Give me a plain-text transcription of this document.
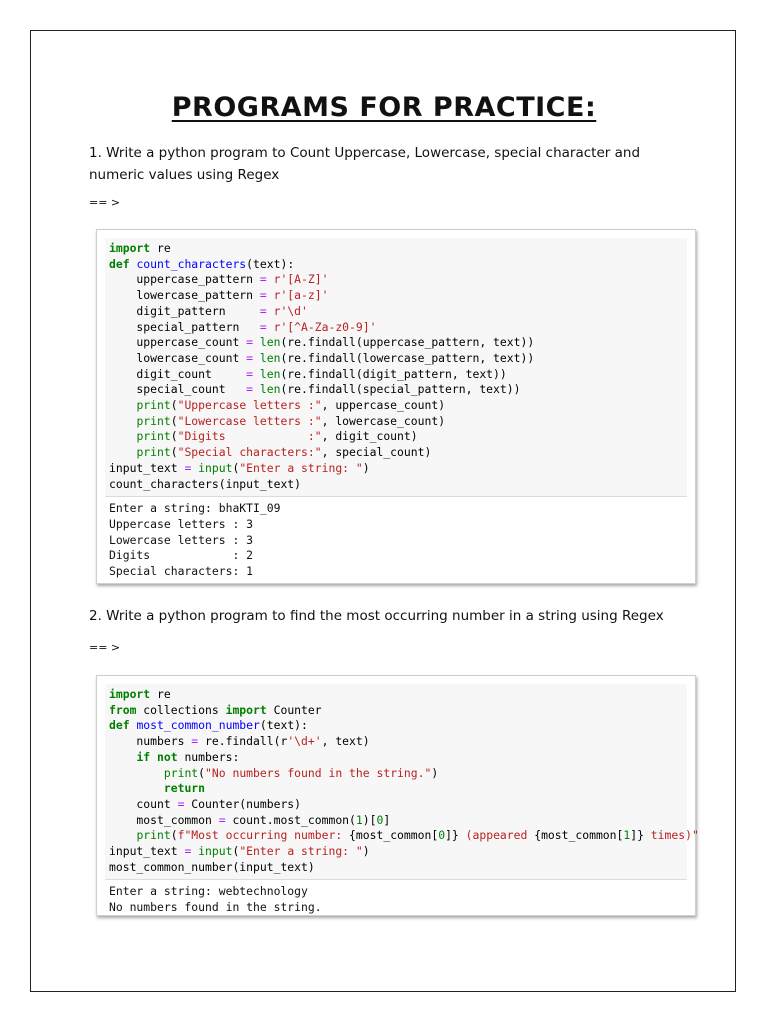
PROGRAMS FOR PRACTICE:
1. Write a python program to Count Uppercase, Lowercase, special character and numeric values using Regex
== >
import re
def count_characters(text):
uppercase_pattern = r'[A-Z]'
lowercase_pattern = r'[a-z]'
digit_pattern     = r'\d'
special_pattern   = r'[^A-Za-z0-9]'
uppercase_count = len(re.findall(uppercase_pattern, text))
lowercase_count = len(re.findall(lowercase_pattern, text))
digit_count     = len(re.findall(digit_pattern, text))
special_count   = len(re.findall(special_pattern, text))
print("Uppercase letters :", uppercase_count)
print("Lowercase letters :", lowercase_count)
print("Digits            :", digit_count)
print("Special characters:", special_count)
input_text = input("Enter a string: ")
count_characters(input_text)
Enter a string: bhaKTI_09
Uppercase letters : 3
Lowercase letters : 3
Digits            : 2
Special characters: 1
2. Write a python program to find the most occurring number in a string using Regex
== >
import re
from collections import Counter
def most_common_number(text):
numbers = re.findall(r'\d+', text)
if not numbers:
print("No numbers found in the string.")
return
count = Counter(numbers)
most_common = count.most_common(1)[0]
print(f"Most occurring number: {most_common[0]} (appeared {most_common[1]} times)"
input_text = input("Enter a string: ")
most_common_number(input_text)
Enter a string: webtechnology
No numbers found in the string.
